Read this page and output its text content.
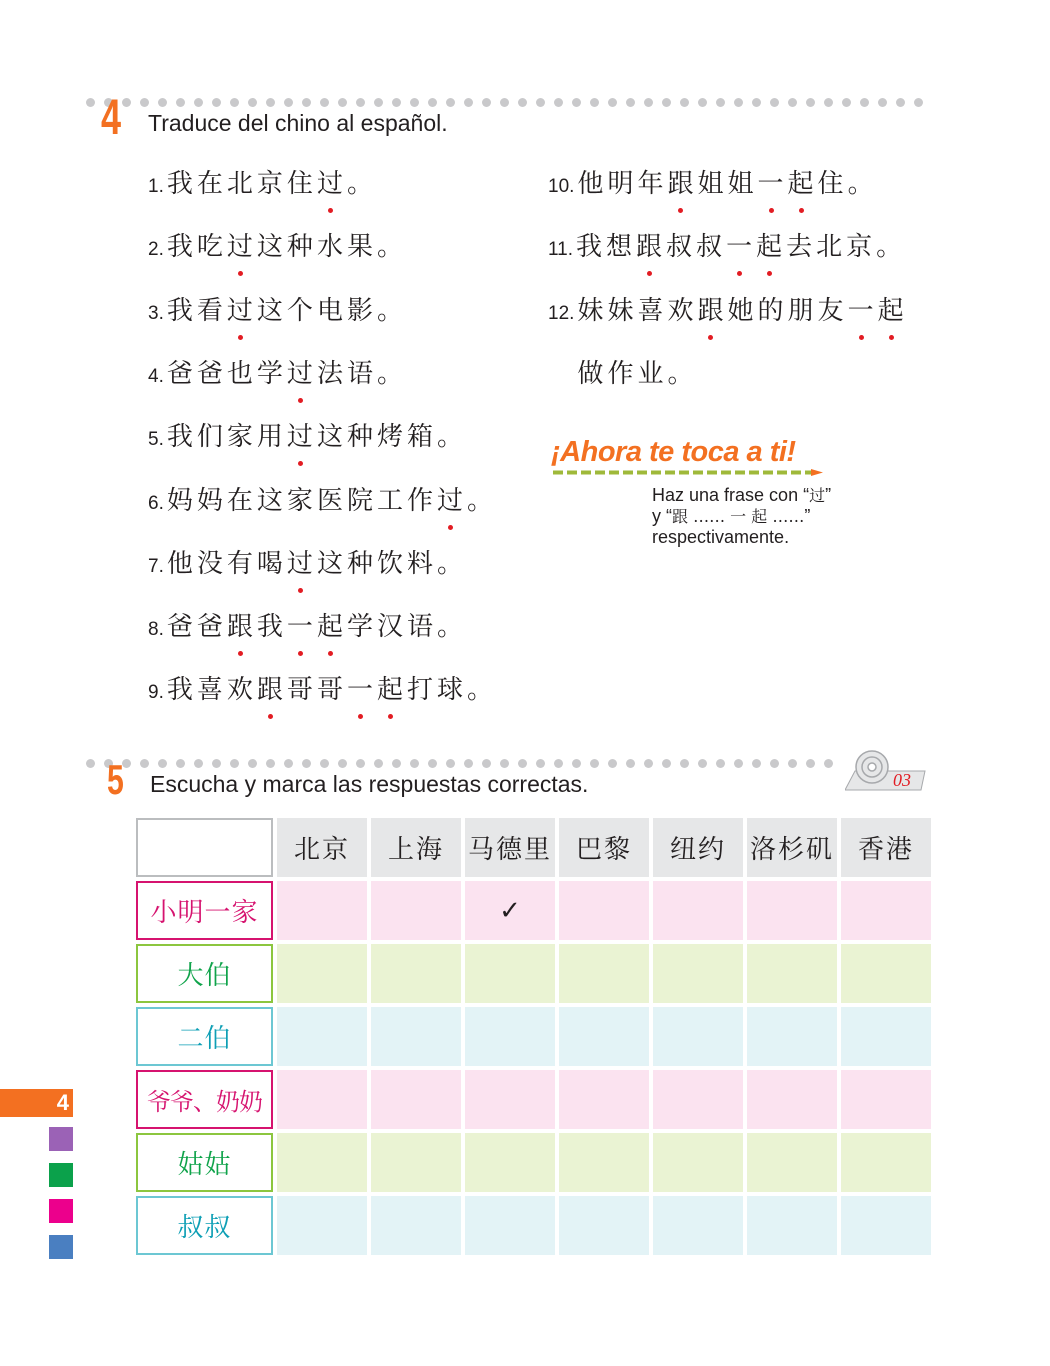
4 Traduce del chino al español.
1. 我在北京住过。
2. 我吃过这种水果。
3. 我看过这个电影。
4. 爸爸也学过法语。
5. 我们家用过这种烤箱。
6. 妈妈在这家医院工作过。
7. 他没有喝过这种饮料。
8. 爸爸跟我一起学汉语。
9. 我喜欢跟哥哥一起打球。
10. 他明年跟姐姐一起住。
11. 我想跟叔叔一起去北京。
12. 妹妹喜欢跟她的朋友一起
做作业。
¡Ahora te toca a ti!
Haz una frase con “过”
y “跟 …… 一 起 ……”
respectivamente.
5 Escucha y marca las respuestas correctas.	03
	北京	上海	马德里	巴黎	纽约	洛杉矶	香港
小明一家			✓				
大伯							
二伯							
爷爷、奶奶							
姑姑							
叔叔							
4
